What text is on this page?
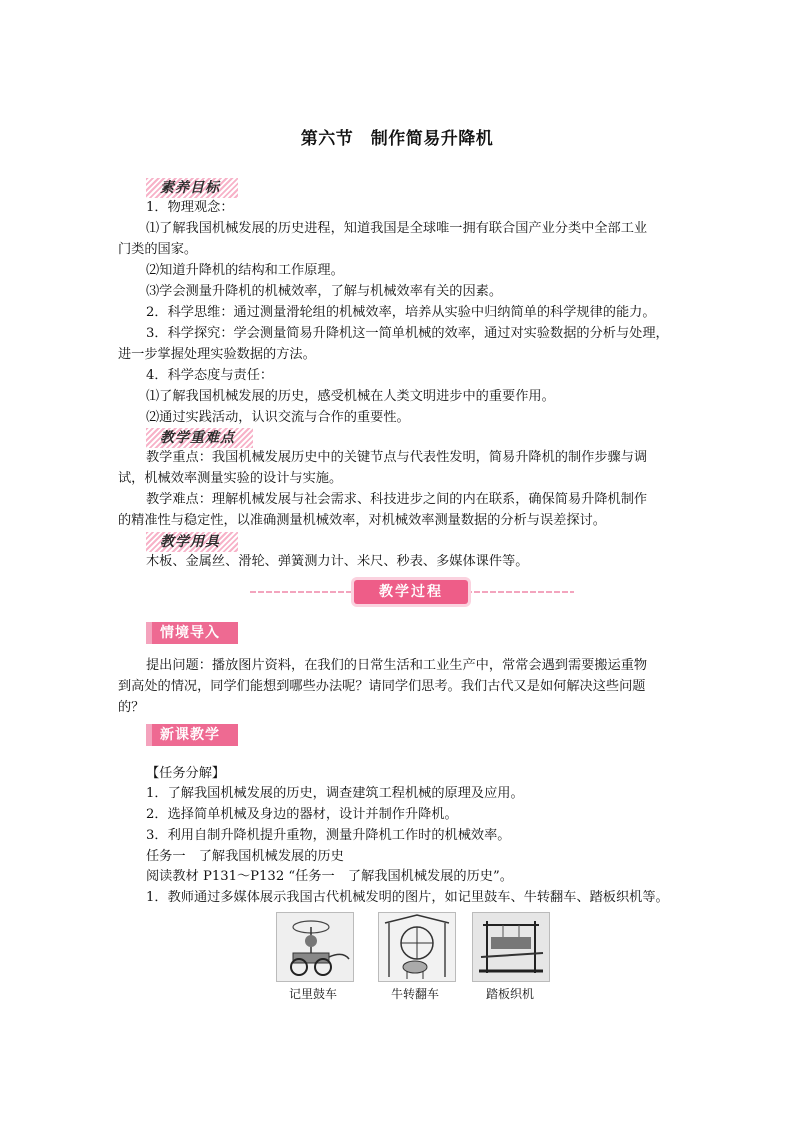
第六节　制作简易升降机
素养目标
1．物理观念：
⑴了解我国机械发展的历史进程，知道我国是全球唯一拥有联合国产业分类中全部工业
门类的国家。
⑵知道升降机的结构和工作原理。
⑶学会测量升降机的机械效率，了解与机械效率有关的因素。
2．科学思维：通过测量滑轮组的机械效率，培养从实验中归纳简单的科学规律的能力。
3．科学探究：学会测量简易升降机这一简单机械的效率，通过对实验数据的分析与处理，
进一步掌握处理实验数据的方法。
4．科学态度与责任：
⑴了解我国机械发展的历史，感受机械在人类文明进步中的重要作用。
⑵通过实践活动，认识交流与合作的重要性。
教学重难点
教学重点：我国机械发展历史中的关键节点与代表性发明，简易升降机的制作步骤与调
试，机械效率测量实验的设计与实施。
教学难点：理解机械发展与社会需求、科技进步之间的内在联系，确保简易升降机制作
的精准性与稳定性，以准确测量机械效率，对机械效率测量数据的分析与误差探讨。
教学用具
木板、金属丝、滑轮、弹簧测力计、米尺、秒表、多媒体课件等。
教学过程
情境导入
提出问题：播放图片资料，在我们的日常生活和工业生产中，常常会遇到需要搬运重物
到高处的情况，同学们能想到哪些办法呢？请同学们思考。我们古代又是如何解决这些问题
的？
新课教学
【任务分解】
1．了解我国机械发展的历史，调查建筑工程机械的原理及应用。
2．选择简单机械及身边的器材，设计并制作升降机。
3．利用自制升降机提升重物，测量升降机工作时的机械效率。
任务一　了解我国机械发展的历史
阅读教材 P131～P132 “任务一　了解我国机械发展的历史”。
1．教师通过多媒体展示我国古代机械发明的图片，如记里鼓车、牛转翻车、踏板织机等。
记里鼓车	牛转翻车	踏板织机
